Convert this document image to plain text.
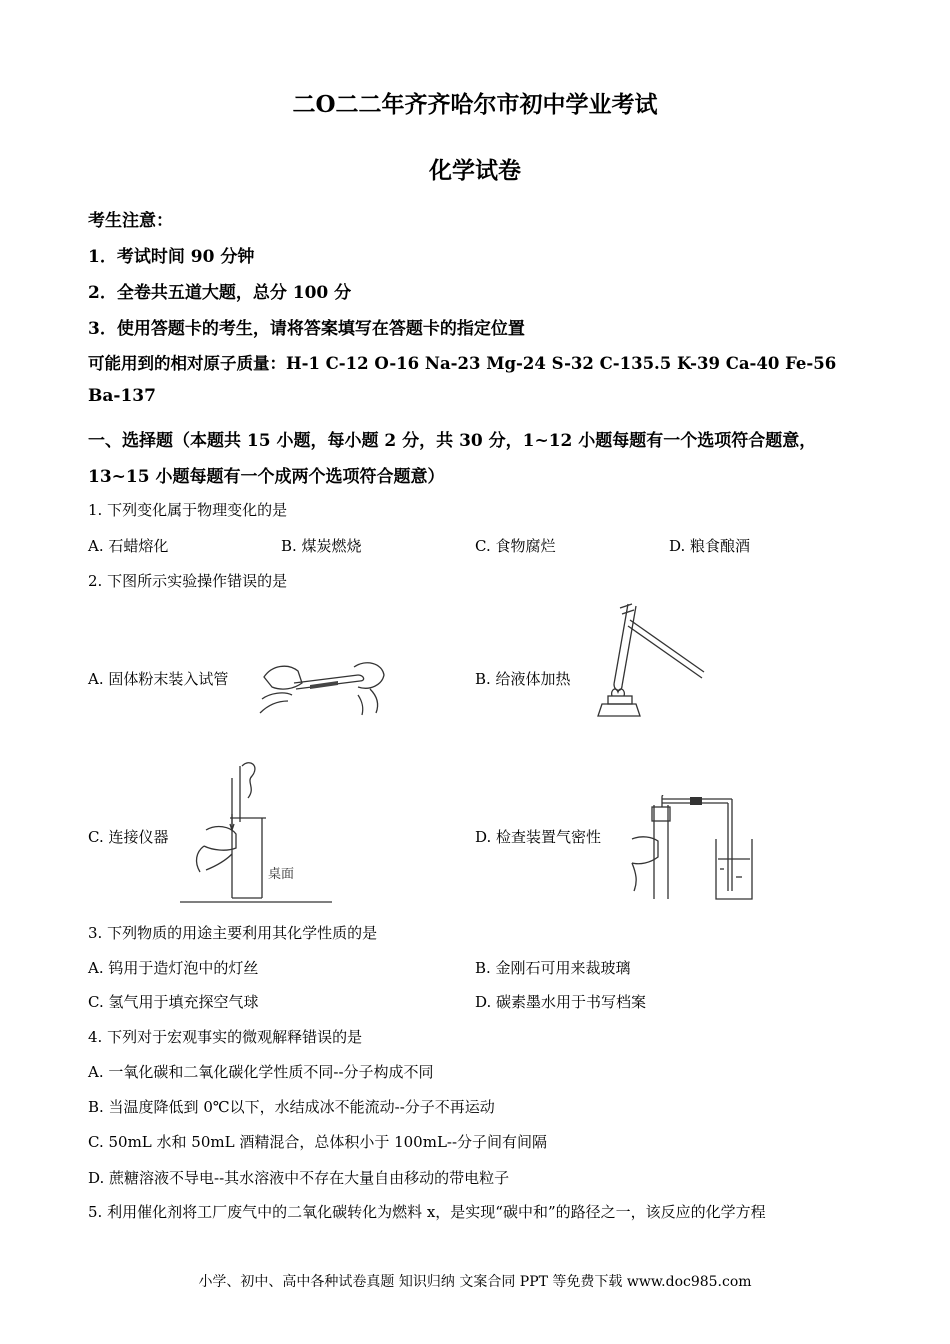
二O二二年齐齐哈尔市初中学业考试
化学试卷
考生注意：
1．考试时间 90 分钟
2．全卷共五道大题，总分 100 分
3．使用答题卡的考生，请将答案填写在答题卡的指定位置
可能用到的相对原子质量：H-1 C-12 O-16 Na-23 Mg-24 S-32 C-135.5 K-39 Ca-40 Fe-56
Ba-137
一、选择题（本题共 15 小题，每小题 2 分，共 30 分，1~12 小题每题有一个选项符合题意，
13~15 小题每题有一个成两个选项符合题意）
1. 下列变化属于物理变化的是
A. 石蜡熔化	B. 煤炭燃烧	C. 食物腐烂	D. 粮食酿酒
2. 下图所示实验操作错误的是
A. 固体粉末装入试管	B. 给液体加热
C. 连接仪器	D. 检查装置气密性
桌面
3. 下列物质的用途主要利用其化学性质的是
A. 钨用于造灯泡中的灯丝	B. 金刚石可用来裁玻璃
C. 氢气用于填充探空气球	D. 碳素墨水用于书写档案
4. 下列对于宏观事实的微观解释错误的是
A. 一氧化碳和二氧化碳化学性质不同--分子构成不同
B. 当温度降低到 0℃以下，水结成冰不能流动--分子不再运动
C. 50mL 水和 50mL 酒精混合，总体积小于 100mL--分子间有间隔
D. 蔗糖溶液不导电--其水溶液中不存在大量自由移动的带电粒子
5. 利用催化剂将工厂废气中的二氧化碳转化为燃料 x，是实现“碳中和”的路径之一，该反应的化学方程
小学、初中、高中各种试卷真题 知识归纳 文案合同 PPT 等免费下载 www.doc985.com
